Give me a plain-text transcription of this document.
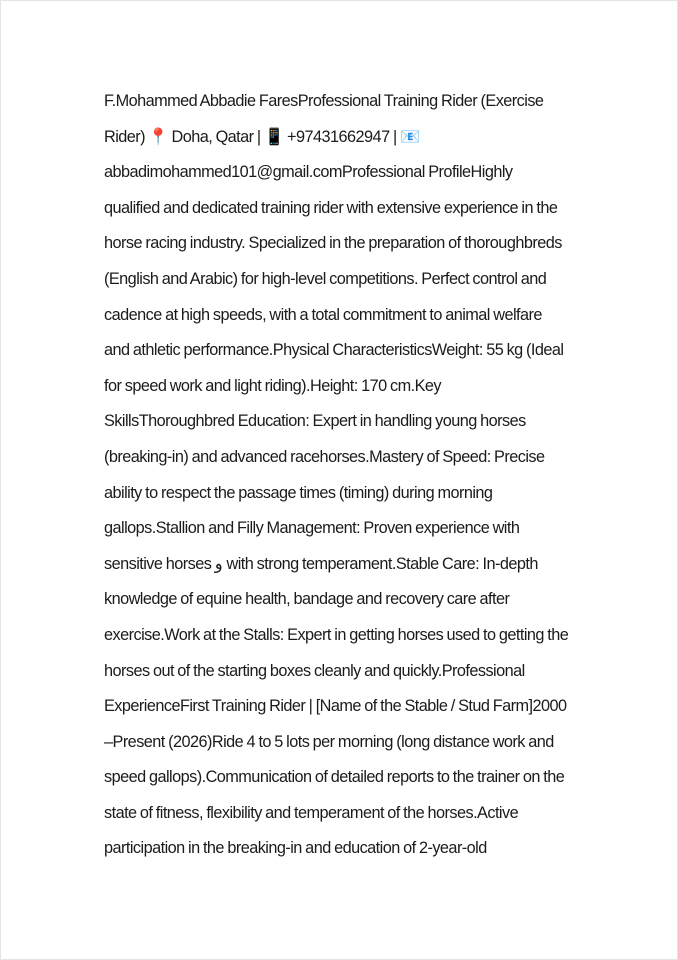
F.Mohammed Abbadie FaresProfessional Training Rider (Exercise
Rider) 📍 Doha, Qatar | 📱 +97431662947 | 📧
abbadimohammed101@gmail.comProfessional ProfileHighly
qualified and dedicated training rider with extensive experience in the
horse racing industry. Specialized in the preparation of thoroughbreds
(English and Arabic) for high-level competitions. Perfect control and
cadence at high speeds, with a total commitment to animal welfare
and athletic performance.Physical CharacteristicsWeight: 55 kg (Ideal
for speed work and light riding).Height: 170 cm.Key
SkillsThoroughbred Education: Expert in handling young horses
(breaking-in) and advanced racehorses.Mastery of Speed: Precise
ability to respect the passage times (timing) during morning
gallops.Stallion and Filly Management: Proven experience with
sensitive horses و with strong temperament.Stable Care: In-depth
knowledge of equine health, bandage and recovery care after
exercise.Work at the Stalls: Expert in getting horses used to getting the
horses out of the starting boxes cleanly and quickly.Professional
ExperienceFirst Training Rider | [Name of the Stable / Stud Farm]2000
–Present (2026)Ride 4 to 5 lots per morning (long distance work and
speed gallops).Communication of detailed reports to the trainer on the
state of fitness, flexibility and temperament of the horses.Active
participation in the breaking-in and education of 2-year-old
